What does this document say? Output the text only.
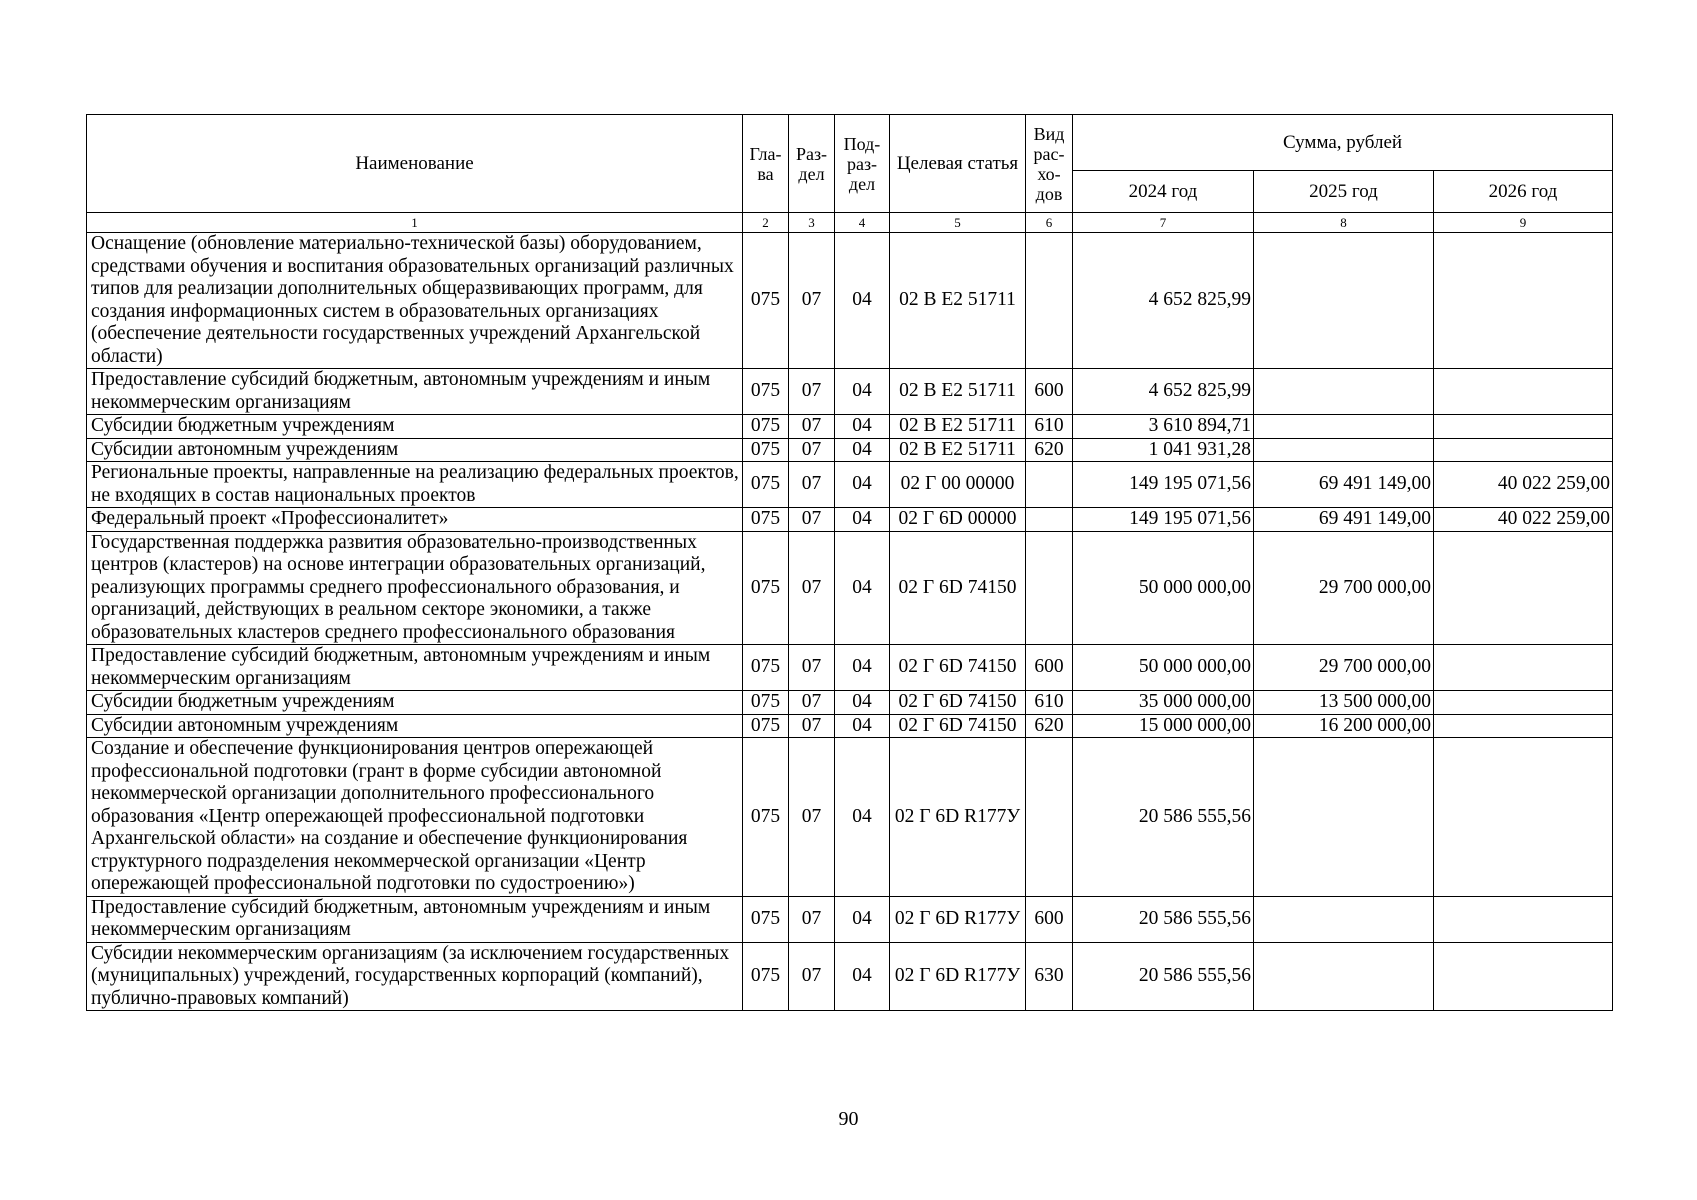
Наименование	Гла-ва	Раз-дел	Под-раз-дел	Целевая статья	Вид рас-хо-дов	Сумма, рублей		
						2024 год	2025 год	2026 год
1	2	3	4	5	6	7	8	9
Оснащение (обновление материально-технической базы) оборудованием, средствами обучения и воспитания образовательных организаций различных типов для реализации дополнительных общеразвивающих программ, для создания информационных систем в образовательных организациях (обеспечение деятельности государственных учреждений Архангельской области)	075	07	04	02 В Е2 51711		4 652 825,99		
Предоставление субсидий бюджетным, автономным учреждениям и иным некоммерческим организациям	075	07	04	02 В Е2 51711	600	4 652 825,99		
Субсидии бюджетным учреждениям	075	07	04	02 В Е2 51711	610	3 610 894,71		
Субсидии автономным учреждениям	075	07	04	02 В Е2 51711	620	1 041 931,28		
Региональные проекты, направленные на реализацию федеральных проектов, не входящих в состав национальных проектов	075	07	04	02 Г 00 00000		149 195 071,56	69 491 149,00	40 022 259,00
Федеральный проект «Профессионалитет»	075	07	04	02 Г 6D 00000		149 195 071,56	69 491 149,00	40 022 259,00
Государственная поддержка развития образовательно-производственных центров (кластеров) на основе интеграции образовательных организаций, реализующих программы среднего профессионального образования, и организаций, действующих в реальном секторе экономики, а также образовательных кластеров среднего профессионального образования	075	07	04	02 Г 6D 74150		50 000 000,00	29 700 000,00	
Предоставление субсидий бюджетным, автономным учреждениям и иным некоммерческим организациям	075	07	04	02 Г 6D 74150	600	50 000 000,00	29 700 000,00	
Субсидии бюджетным учреждениям	075	07	04	02 Г 6D 74150	610	35 000 000,00	13 500 000,00	
Субсидии автономным учреждениям	075	07	04	02 Г 6D 74150	620	15 000 000,00	16 200 000,00	
Создание и обеспечение функционирования центров опережающей профессиональной подготовки (грант в форме субсидии автономной некоммерческой организации дополнительного профессионального образования «Центр опережающей профессиональной подготовки Архангельской области» на создание и обеспечение функционирования структурного подразделения некоммерческой организации «Центр опережающей профессиональной подготовки по судостроению»)	075	07	04	02 Г 6D R177У		20 586 555,56		
Предоставление субсидий бюджетным, автономным учреждениям и иным некоммерческим организациям	075	07	04	02 Г 6D R177У	600	20 586 555,56		
Субсидии некоммерческим организациям (за исключением государственных (муниципальных) учреждений, государственных корпораций (компаний), публично-правовых компаний)	075	07	04	02 Г 6D R177У	630	20 586 555,56		
90
